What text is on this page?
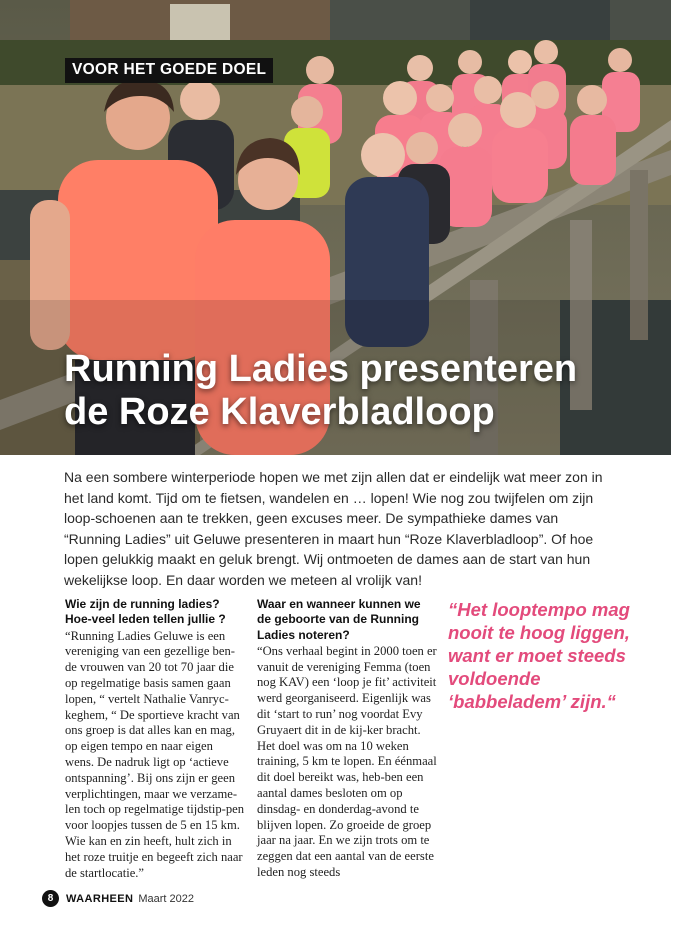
VOOR HET GOEDE DOEL
Running Ladies presenteren
de Roze Klaverbladloop

Na een sombere winterperiode hopen we met zijn allen dat er eindelijk wat meer zon in het land komt. Tijd om te fietsen, wandelen en … lopen! Wie nog zou twijfelen om zijn loop-schoenen aan te trekken, geen excuses meer. De sympathieke dames van “Running Ladies” uit Geluwe presenteren in maart hun “Roze Klaverbladloop”. Of hoe lopen gelukkig maakt en geluk brengt. Wij ontmoeten de dames aan de start van hun wekelijkse loop. En daar worden we meteen al vrolijk van!

Wie zijn de running ladies? Hoe-veel leden tellen jullie ?

“Running Ladies Geluwe is een vereniging van een gezellige ben-de vrouwen van 20 tot 70 jaar die op regelmatige basis samen gaan lopen, “ vertelt Nathalie Vanryc-keghem, “ De sportieve kracht van ons groep is dat alles kan en mag, op eigen tempo en naar eigen wens. De nadruk ligt op ‘actieve ontspanning’. Bij ons zijn er geen verplichtingen, maar we verzame-len toch op regelmatige tijdstip-pen voor loopjes tussen de 5 en 15 km. Wie kan en zin heeft, hult zich in het roze truitje en begeeft zich naar de startlocatie.”

Waar en wanneer kunnen we de geboorte van de Running Ladies noteren?

“Ons verhaal begint in 2000 toen er vanuit de vereniging Femma (toen nog KAV) een ‘loop je fit’ activiteit werd georganiseerd. Eigenlijk was dit ‘start to run’ nog voordat Evy Gruyaert dit in de kij-ker bracht. Het doel was om na 10 weken training, 5 km te lopen. En éénmaal dit doel bereikt was, heb-ben een aantal dames besloten om op dinsdag- en donderdag-avond te blijven lopen. Zo groeide de groep jaar na jaar. En we zijn trots om te zeggen dat een aantal van de eerste leden nog steeds

“Het looptempo mag nooit te hoog liggen, want er moet steeds voldoende ‘babbeladem’ zijn.“

8	WAARHEEN Maart 2022
